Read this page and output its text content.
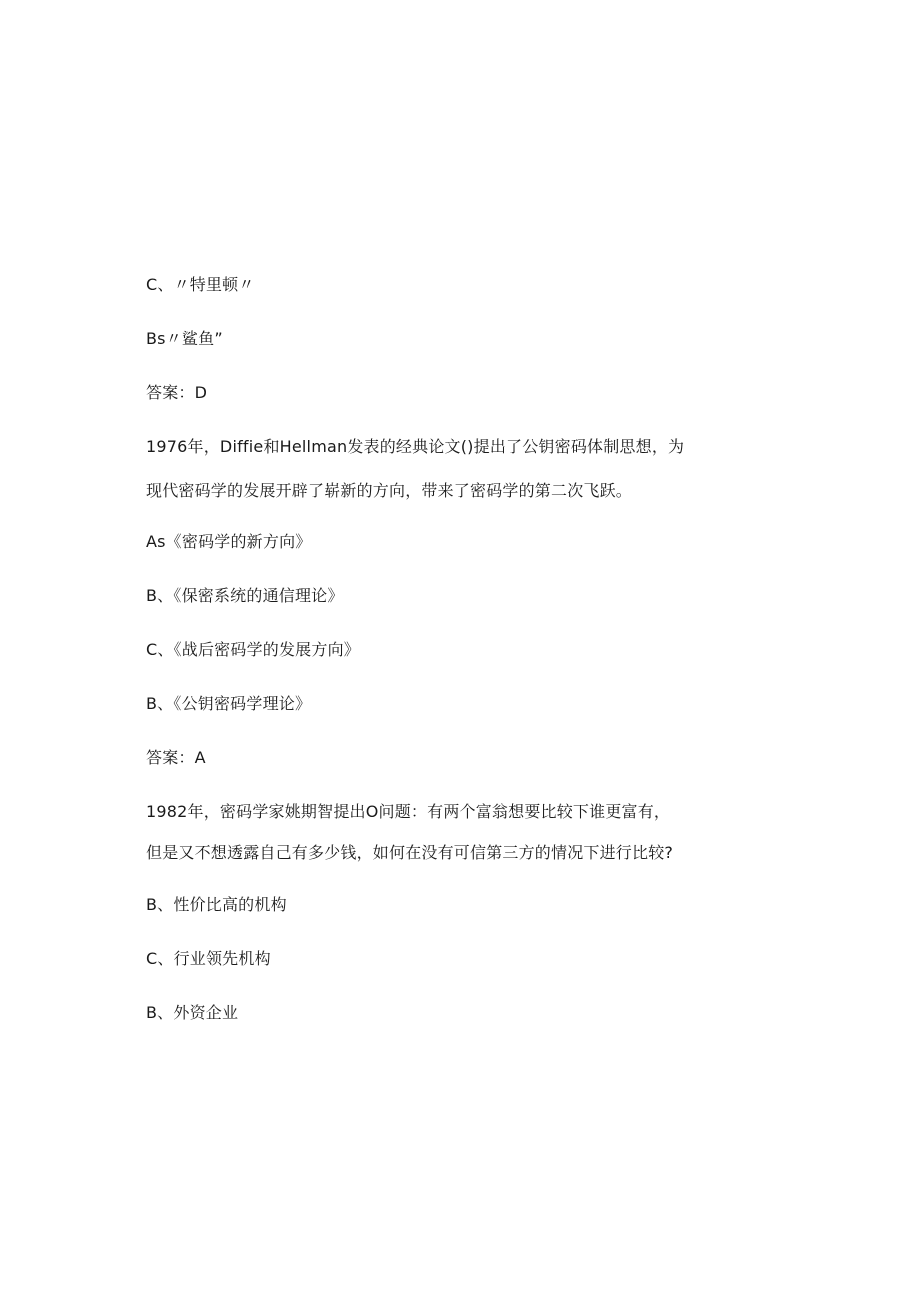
C、〃特里顿〃
Bs〃鲨鱼”
答案：D
1976年，Diffie和Hellman发表的经典论文()提出了公钥密码体制思想，为
现代密码学的发展开辟了崭新的方向，带来了密码学的第二次飞跃。
As《密码学的新方向》
B、《保密系统的通信理论》
C、《战后密码学的发展方向》
B、《公钥密码学理论》
答案：A
1982年，密码学家姚期智提出O问题：有两个富翁想要比较下谁更富有，
但是又不想透露自己有多少钱，如何在没有可信第三方的情况下进行比较?
B、性价比高的机构
C、行业领先机构
B、外资企业
